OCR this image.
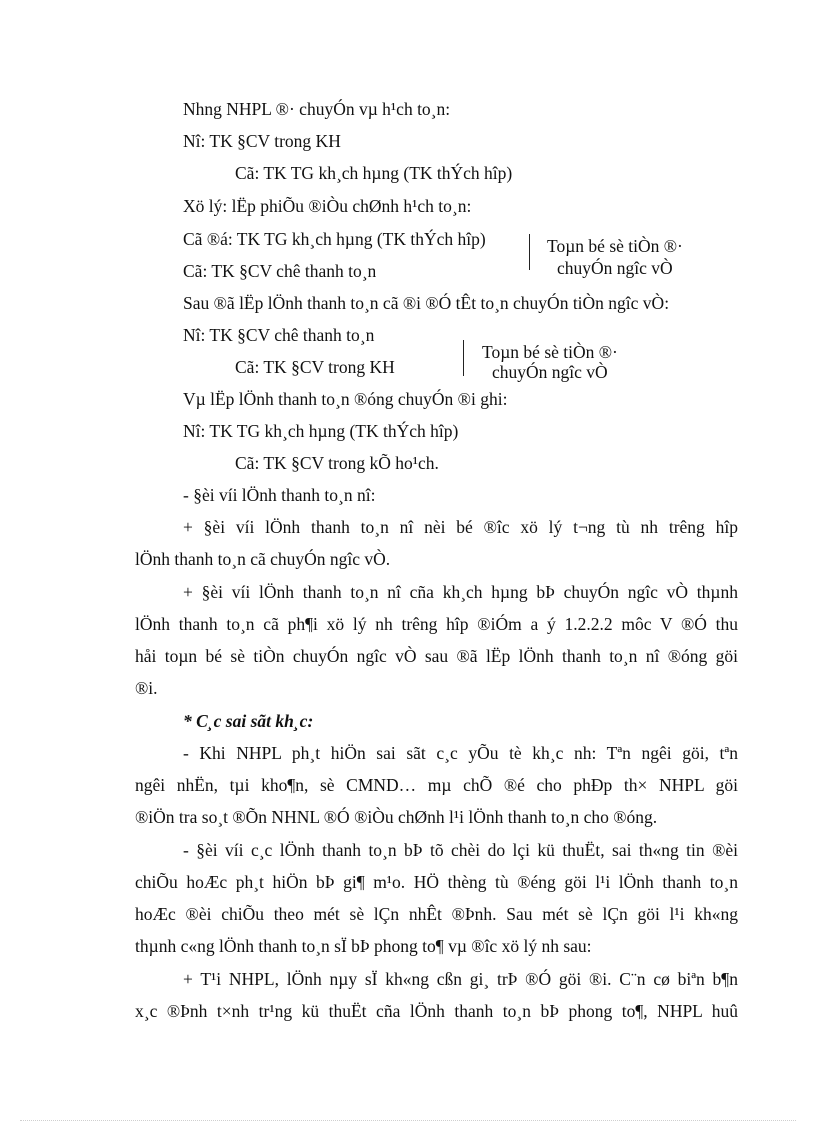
Nhng NHPL ®· chuyÓn vµ h¹ch to¸n:
Nî: TK §CV trong KH
Cã: TK TG kh¸ch hµng (TK thÝch hîp)
Xö lý: lËp phiÕu ®iÒu chØnh h¹ch to¸n:
Cã ®á: TK TG kh¸ch hµng (TK thÝch hîp)
Cã: TK §CV chê thanh to¸n
Toµn bé sè tiÒn ®·
chuyÓn ngîc vÒ
Sau ®ã lËp lÖnh thanh to¸n cã ®i ®Ó tÊt to¸n chuyÓn tiÒn ngîc vÒ:
Nî: TK §CV chê thanh to¸n
Cã: TK §CV trong KH
Toµn bé sè tiÒn ®·
chuyÓn ngîc vÒ
Vµ lËp lÖnh thanh to¸n ®óng chuyÓn ®i ghi:
Nî: TK TG kh¸ch hµng (TK thÝch hîp)
Cã: TK §CV trong kÕ ho¹ch.
- §èi víi lÖnh thanh to¸n nî:
+ §èi víi lÖnh thanh to¸n nî nèi bé ®îc xö lý t¬ng tù nh trêng hîp
lÖnh thanh to¸n cã chuyÓn ngîc vÒ.
+ §èi víi lÖnh thanh to¸n nî cña kh¸ch hµng bÞ chuyÓn ngîc vÒ thµnh
lÖnh thanh to¸n cã ph¶i xö lý nh trêng hîp ®iÓm a ý 1.2.2.2 môc V ®Ó thu
håi toµn bé sè tiÒn chuyÓn ngîc vÒ sau ®ã lËp lÖnh thanh to¸n nî ®óng göi
®i.
* C¸c sai sãt kh¸c:
- Khi NHPL ph¸t hiÖn sai sãt c¸c yÕu tè kh¸c nh: Tªn ngêi göi, tªn
ngêi nhËn, tµi kho¶n, sè CMND… mµ chÕ ®é cho phÐp th× NHPL göi
®iÖn tra so¸t ®Õn NHNL ®Ó ®iÒu chØnh l¹i lÖnh thanh to¸n cho ®óng.
- §èi víi c¸c lÖnh thanh to¸n bÞ tõ chèi do lçi kü thuËt, sai th«ng tin ®èi
chiÕu hoÆc ph¸t hiÖn bÞ gi¶ m¹o. HÖ thèng tù ®éng göi l¹i lÖnh thanh to¸n
hoÆc ®èi chiÕu theo mét sè lÇn nhÊt ®Þnh. Sau mét sè lÇn göi l¹i kh«ng
thµnh c«ng lÖnh thanh to¸n sÏ bÞ phong to¶ vµ ®îc xö lý nh sau:
+ T¹i NHPL, lÖnh nµy sÏ kh«ng cßn gi¸ trÞ ®Ó göi ®i. C¨n cø biªn b¶n
x¸c ®Þnh t×nh tr¹ng kü thuËt cña lÖnh thanh to¸n bÞ phong to¶, NHPL huû
